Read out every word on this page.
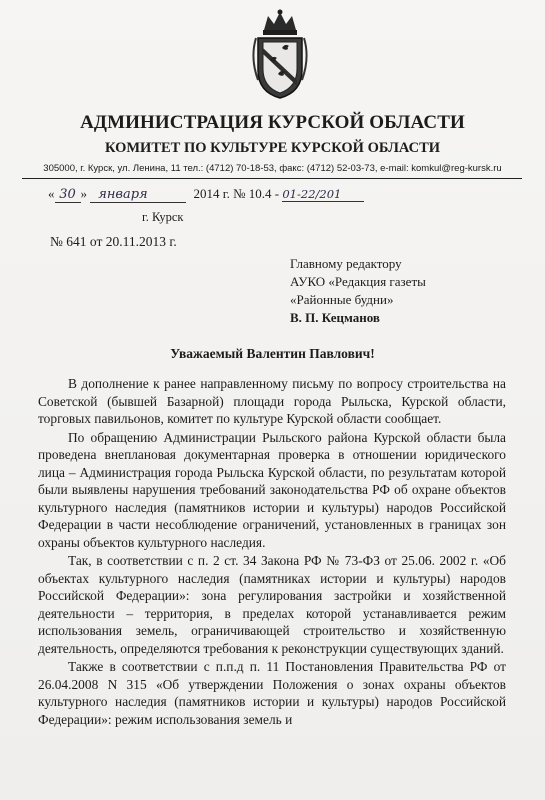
АДМИНИСТРАЦИЯ КУРСКОЙ ОБЛАСТИ
КОМИТЕТ ПО КУЛЬТУРЕ КУРСКОЙ ОБЛАСТИ
305000, г. Курск, ул. Ленина, 11 тел.: (4712) 70-18-53, факс: (4712) 52-03-73, e-mail: komkul@reg-kursk.ru
« 30 » января	2014 г. № 10.4 - 01-22/201
г. Курск
№ 641 от 20.11.2013 г.
Главному редактору
АУКО «Редакция газеты
«Районные будни»
В. П. Кецманов
Уважаемый Валентин Павлович!

В дополнение к ранее направленному письму по вопросу строительства на Советской (бывшей Базарной) площади города Рыльска, Курской области, торговых павильонов, комитет по культуре Курской области сообщает.

По обращению Администрации Рыльского района Курской области была проведена внеплановая документарная проверка в отношении юридического лица – Администрация города Рыльска Курской области, по результатам которой были выявлены нарушения требований законодательства РФ об охране объектов культурного наследия (памятников истории и культуры) народов Российской Федерации в части несоблюдение ограничений, установленных в границах зон охраны объектов культурного наследия.

Так, в соответствии с п. 2 ст. 34 Закона РФ № 73-ФЗ от 25.06. 2002 г. «Об объектах культурного наследия (памятниках истории и культуры) народов Российской Федерации»: зона регулирования застройки и хозяйственной деятельности – территория, в пределах которой устанавливается режим использования земель, ограничивающей строительство и хозяйственную деятельность, определяются требования к реконструкции существующих зданий.

Также в соответствии с п.п.д п. 11 Постановления Правительства РФ от 26.04.2008 N 315 «Об утверждении Положения о зонах охраны объектов культурного наследия (памятников истории и культуры) народов Российской Федерации»: режим использования земель и
